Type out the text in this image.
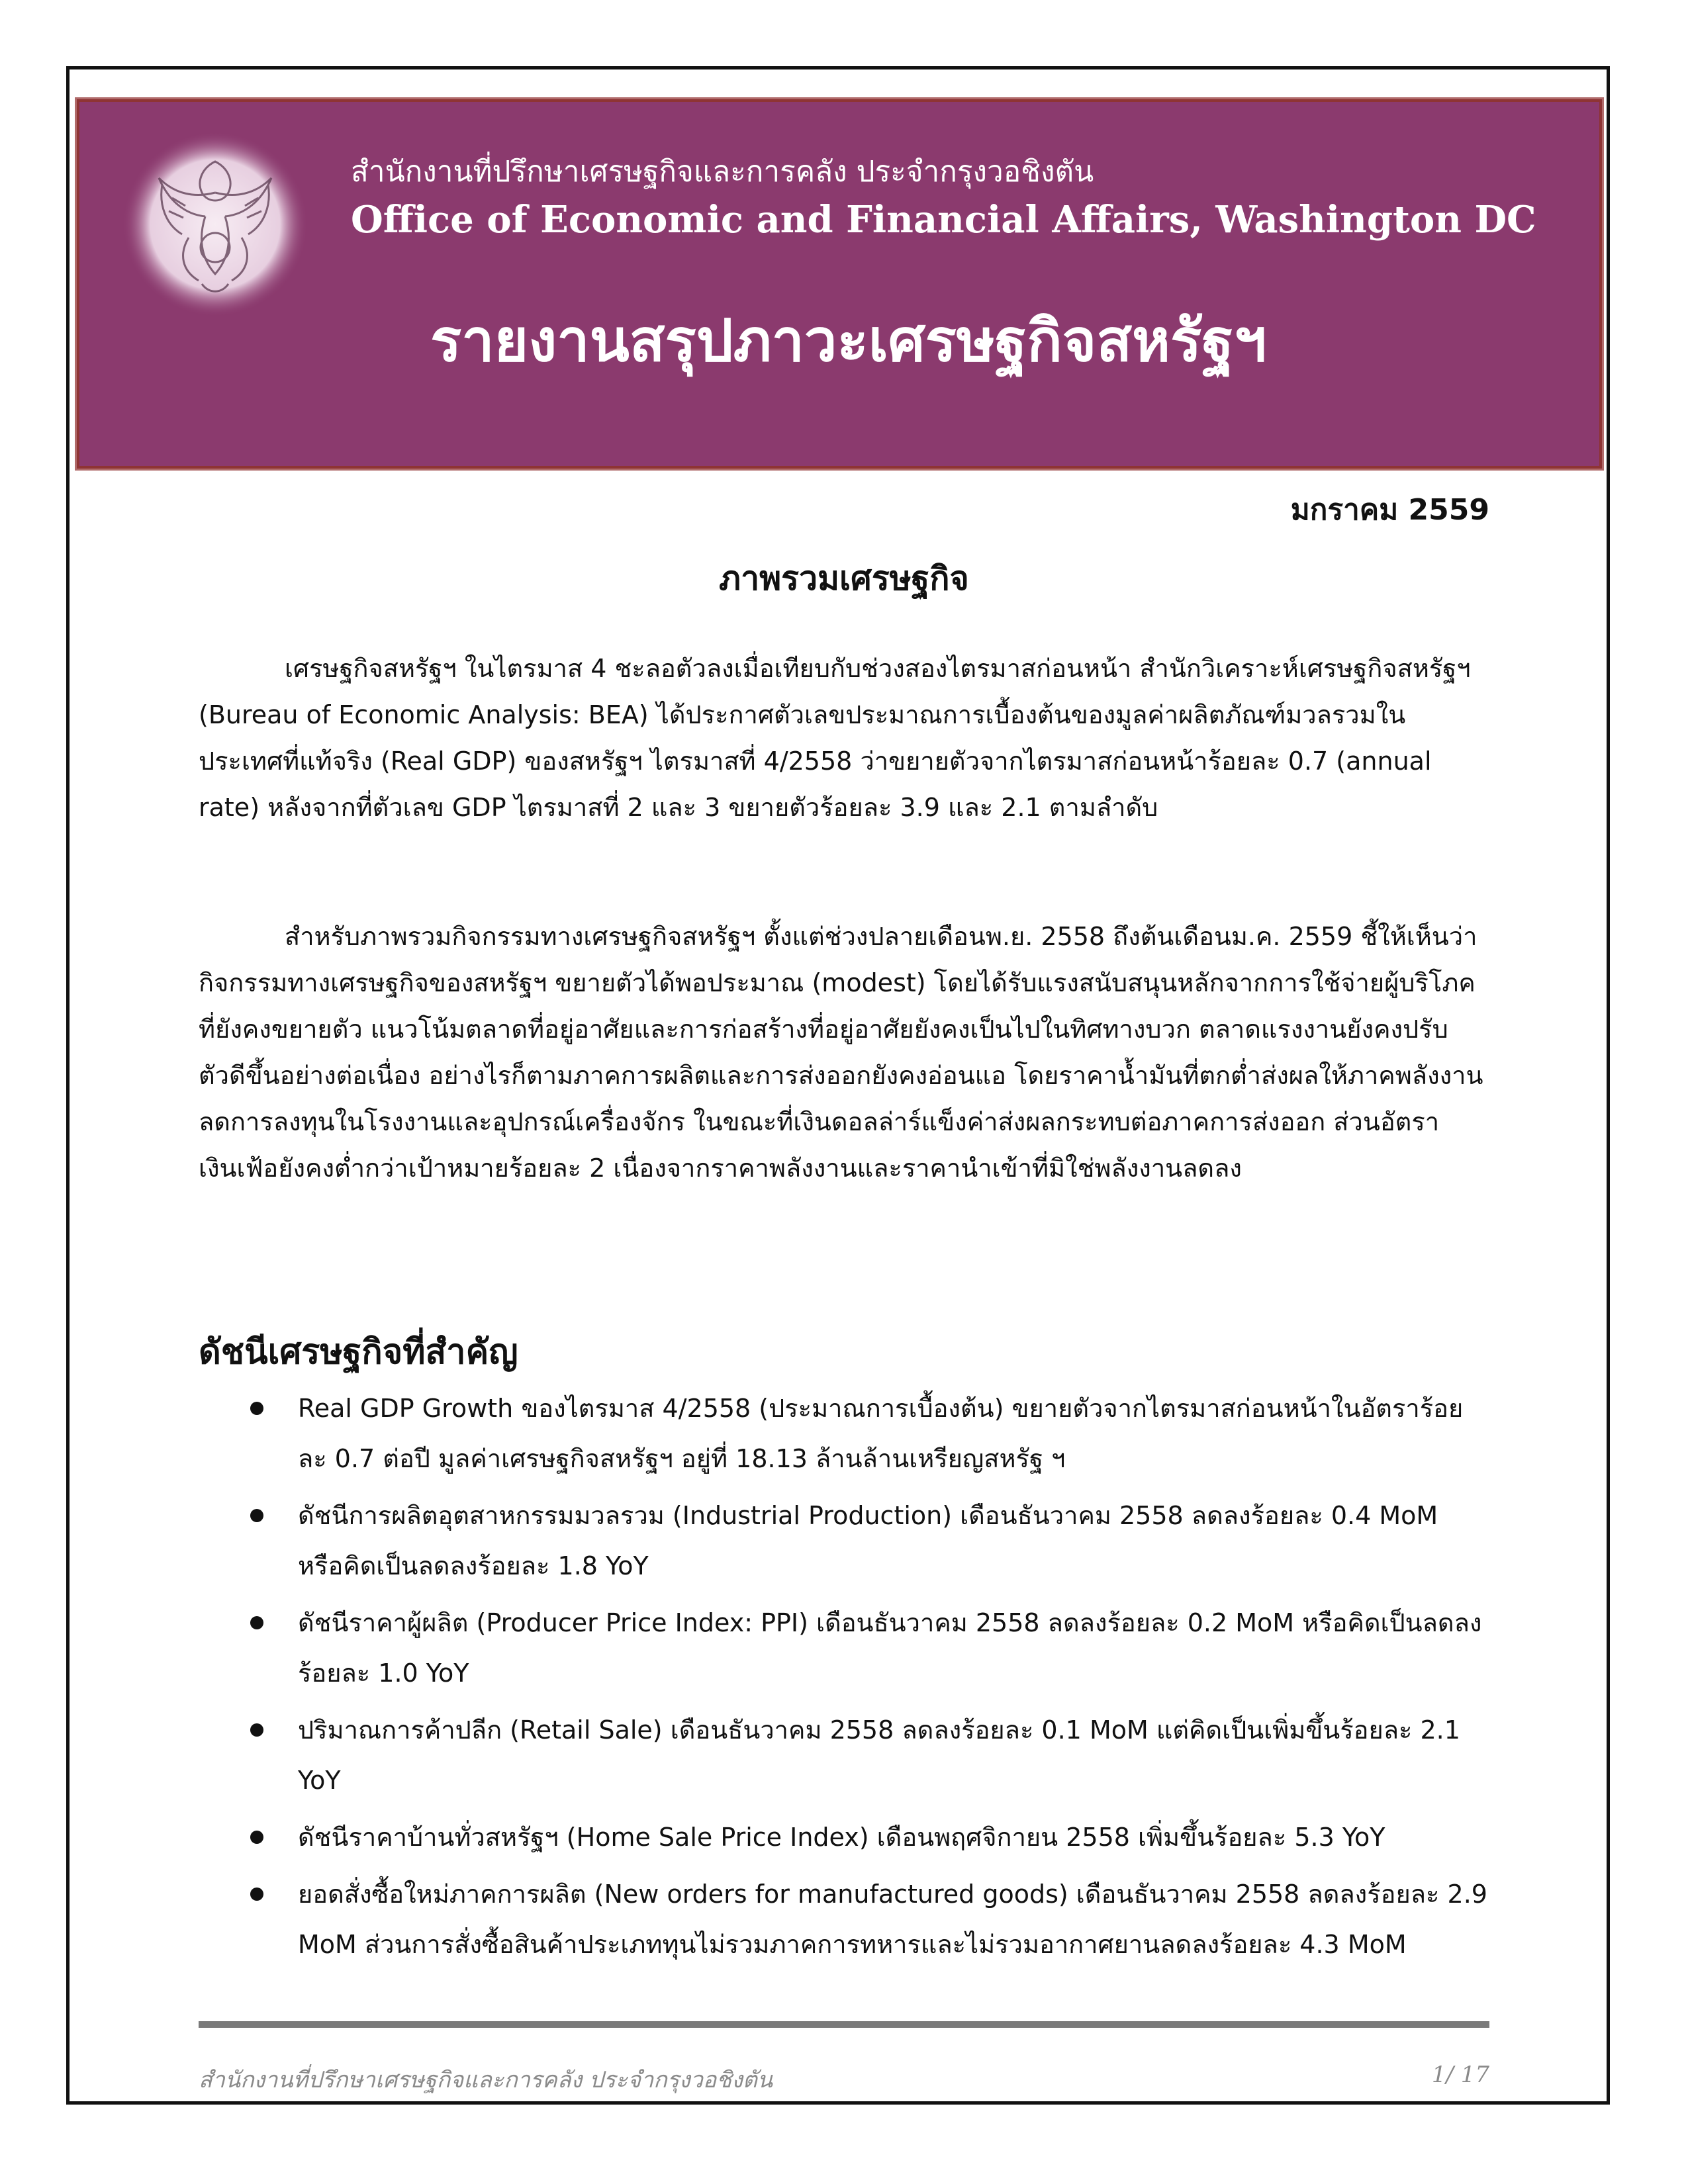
สำนักงานที่ปรึกษาเศรษฐกิจและการคลัง ประจำกรุงวอชิงตัน
Office of Economic and Financial Affairs, Washington DC
รายงานสรุปภาวะเศรษฐกิจสหรัฐฯ
มกราคม 2559
ภาพรวมเศรษฐกิจ

เศรษฐกิจสหรัฐฯ ในไตรมาส 4 ชะลอตัวลงเมื่อเทียบกับช่วงสองไตรมาสก่อนหน้า สำนักวิเคราะห์เศรษฐกิจสหรัฐฯ (Bureau of Economic Analysis: BEA) ได้ประกาศตัวเลขประมาณการเบื้องต้นของมูลค่าผลิตภัณฑ์มวลรวมในประเทศที่แท้จริง (Real GDP) ของสหรัฐฯ ไตรมาสที่ 4/2558 ว่าขยายตัวจากไตรมาสก่อนหน้าร้อยละ 0.7 (annual rate) หลังจากที่ตัวเลข GDP ไตรมาสที่ 2 และ 3 ขยายตัวร้อยละ 3.9 และ 2.1 ตามลำดับ

สำหรับภาพรวมกิจกรรมทางเศรษฐกิจสหรัฐฯ ตั้งแต่ช่วงปลายเดือนพ.ย. 2558 ถึงต้นเดือนม.ค. 2559 ชี้ให้เห็นว่ากิจกรรมทางเศรษฐกิจของสหรัฐฯ ขยายตัวได้พอประมาณ (modest) โดยได้รับแรงสนับสนุนหลักจากการใช้จ่ายผู้บริโภคที่ยังคงขยายตัว แนวโน้มตลาดที่อยู่อาศัยและการก่อสร้างที่อยู่อาศัยยังคงเป็นไปในทิศทางบวก ตลาดแรงงานยังคงปรับตัวดีขึ้นอย่างต่อเนื่อง อย่างไรก็ตามภาคการผลิตและการส่งออกยังคงอ่อนแอ โดยราคาน้ำมันที่ตกต่ำส่งผลให้ภาคพลังงานลดการลงทุนในโรงงานและอุปกรณ์เครื่องจักร ในขณะที่เงินดอลล่าร์แข็งค่าส่งผลกระทบต่อภาคการส่งออก ส่วนอัตราเงินเฟ้อยังคงต่ำกว่าเป้าหมายร้อยละ 2 เนื่องจากราคาพลังงานและราคานำเข้าที่มิใช่พลังงานลดลง

ดัชนีเศรษฐกิจที่สำคัญ
Real GDP Growth ของไตรมาส 4/2558 (ประมาณการเบื้องต้น) ขยายตัวจากไตรมาสก่อนหน้าในอัตราร้อยละ 0.7 ต่อปี มูลค่าเศรษฐกิจสหรัฐฯ อยู่ที่ 18.13 ล้านล้านเหรียญสหรัฐ ฯ
ดัชนีการผลิตอุตสาหกรรมมวลรวม (Industrial Production) เดือนธันวาคม 2558 ลดลงร้อยละ 0.4 MoM หรือคิดเป็นลดลงร้อยละ 1.8 YoY
ดัชนีราคาผู้ผลิต (Producer Price Index: PPI) เดือนธันวาคม 2558 ลดลงร้อยละ 0.2 MoM หรือคิดเป็นลดลงร้อยละ 1.0 YoY
ปริมาณการค้าปลีก (Retail Sale) เดือนธันวาคม 2558 ลดลงร้อยละ 0.1 MoM แต่คิดเป็นเพิ่มขึ้นร้อยละ 2.1 YoY
ดัชนีราคาบ้านทั่วสหรัฐฯ (Home Sale Price Index) เดือนพฤศจิกายน 2558 เพิ่มขึ้นร้อยละ 5.3 YoY
ยอดสั่งซื้อใหม่ภาคการผลิต (New orders for manufactured goods) เดือนธันวาคม 2558 ลดลงร้อยละ 2.9 MoM ส่วนการสั่งซื้อสินค้าประเภททุนไม่รวมภาคการทหารและไม่รวมอากาศยานลดลงร้อยละ 4.3 MoM
สำนักงานที่ปรึกษาเศรษฐกิจและการคลัง ประจำกรุงวอชิงตัน	1/ 17
